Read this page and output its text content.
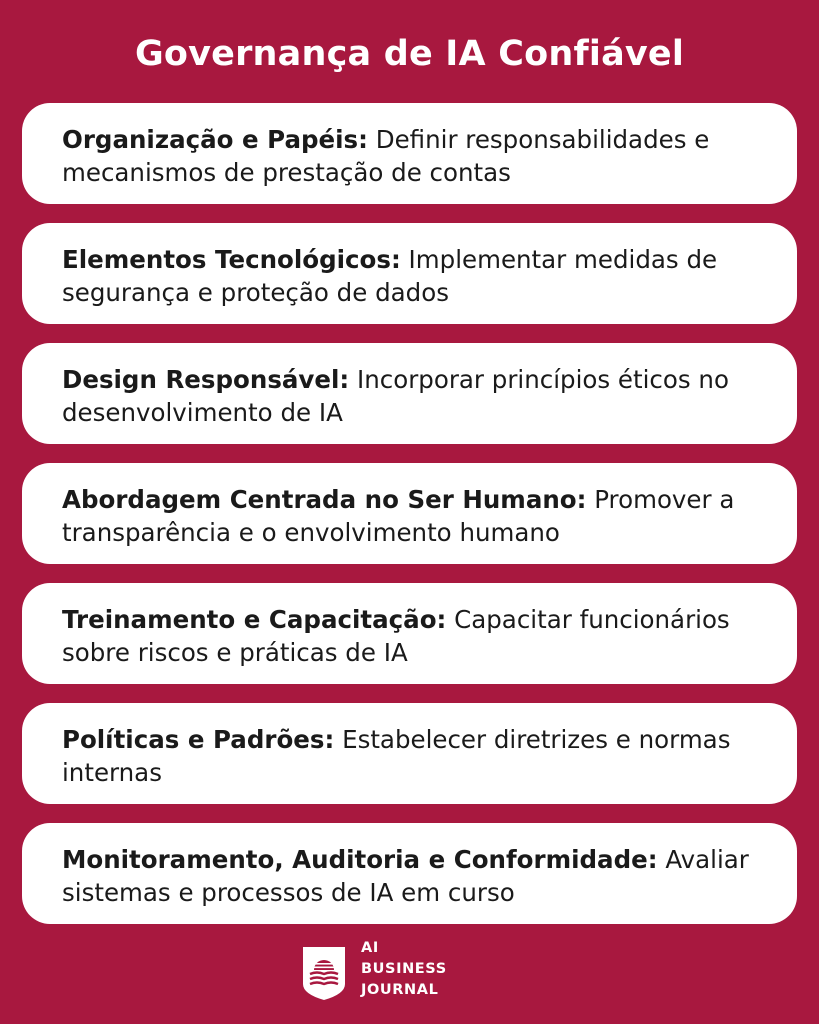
Governança de IA Confiável
Organização e Papéis: Definir responsabilidades e mecanismos de prestação de contas
Elementos Tecnológicos: Implementar medidas de segurança e proteção de dados
Design Responsável: Incorporar princípios éticos no desenvolvimento de IA
Abordagem Centrada no Ser Humano: Promover a transparência e o envolvimento humano
Treinamento e Capacitação: Capacitar funcionários sobre riscos e práticas de IA
Políticas e Padrões: Estabelecer diretrizes e normas internas
Monitoramento, Auditoria e Conformidade: Avaliar sistemas e processos de IA em curso
AI
BUSINESS
JOURNAL
